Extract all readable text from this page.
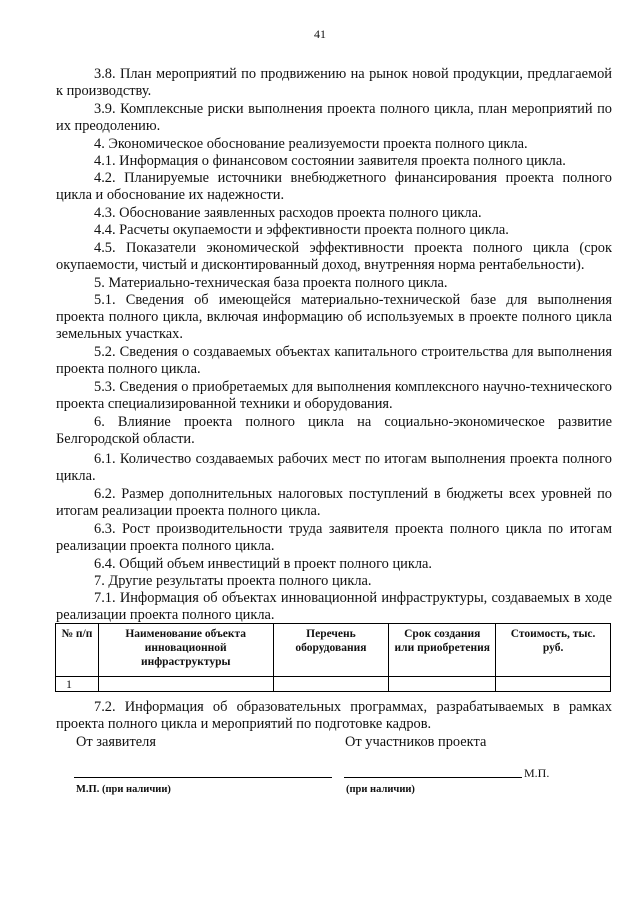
41

3.8. План мероприятий по продвижению на рынок новой продукции, предлагаемой к производству.

3.9. Комплексные риски выполнения проекта полного цикла, план мероприятий по их преодолению.

4. Экономическое обоснование реализуемости проекта полного цикла.

4.1. Информация о финансовом состоянии заявителя проекта полного цикла.

4.2. Планируемые источники внебюджетного финансирования проекта полного цикла и обоснование их надежности.

4.3. Обоснование заявленных расходов проекта полного цикла.

4.4. Расчеты окупаемости и эффективности проекта полного цикла.

4.5. Показатели экономической эффективности проекта полного цикла (срок окупаемости, чистый и дисконтированный доход, внутренняя норма рентабельности).

5. Материально-техническая база проекта полного цикла.

5.1. Сведения об имеющейся материально-технической базе для выполнения проекта полного цикла, включая информацию об используемых в проекте полного цикла земельных участках.

5.2. Сведения о создаваемых объектах капитального строительства для выполнения проекта полного цикла.

5.3. Сведения о приобретаемых для выполнения комплексного научно-технического проекта специализированной техники и оборудования.

6. Влияние проекта полного цикла на социально-экономическое развитие Белгородской области.

6.1. Количество создаваемых рабочих мест по итогам выполнения проекта полного цикла.

6.2. Размер дополнительных налоговых поступлений в бюджеты всех уровней по итогам реализации проекта полного цикла.

6.3. Рост производительности труда заявителя проекта полного цикла по итогам реализации проекта полного цикла.

6.4. Общий объем инвестиций в проект полного цикла.

7. Другие результаты проекта полного цикла.

7.1. Информация об объектах инновационной инфраструктуры, создаваемых в ходе реализации проекта полного цикла.

№ п/п	Наименование объекта инновационной инфраструктуры	Перечень оборудования	Срок создания или приобретения	Стоимость, тыс. руб.
1				

7.2. Информация об образовательных программах, разрабатываемых в рамках проекта полного цикла и мероприятий по подготовке кадров.

От заявителя	От участников проекта
М.П.
М.П. (при наличии)	(при наличии)
